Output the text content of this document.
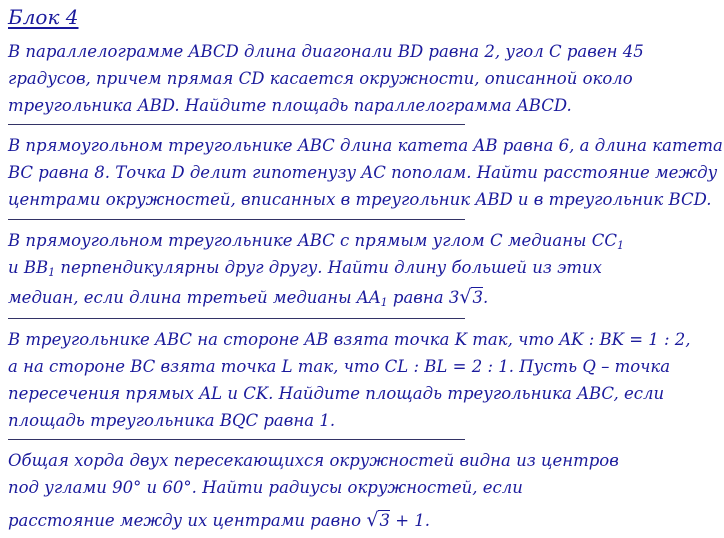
Блок 4
В параллелограмме ABCD длина диагонали BD равна 2, угол C равен 45
градусов, причем прямая CD касается окружности, описанной около
треугольника ABD. Найдите площадь параллелограмма ABCD.
В прямоугольном треугольнике ABC длина катета AB равна 6, а длина катета
BC равна 8. Точка D делит гипотенузу AC пополам. Найти расстояние между
центрами окружностей, вписанных в треугольник ABD и в треугольник BCD.
В прямоугольном треугольнике ABC с прямым углом C медианы $CC_1$
и $BB_1$ перпендикулярны друг другу. Найти длину большей из этих
медиан, если длина третьей медианы $AA_1$ равна 3√3.
В треугольнике ABC на стороне AB взята точка K так, что AK : BK = 1 : 2,
а на стороне BC взята точка L так, что CL : BL = 2 : 1. Пусть Q – точка
пересечения прямых AL и CK. Найдите площадь треугольника ABC, если
площадь треугольника BQC равна 1.
Общая хорда двух пересекающихся окружностей видна из центров
под углами 90° и 60°. Найти радиусы окружностей, если
расстояние между их центрами равно √3 + 1.
